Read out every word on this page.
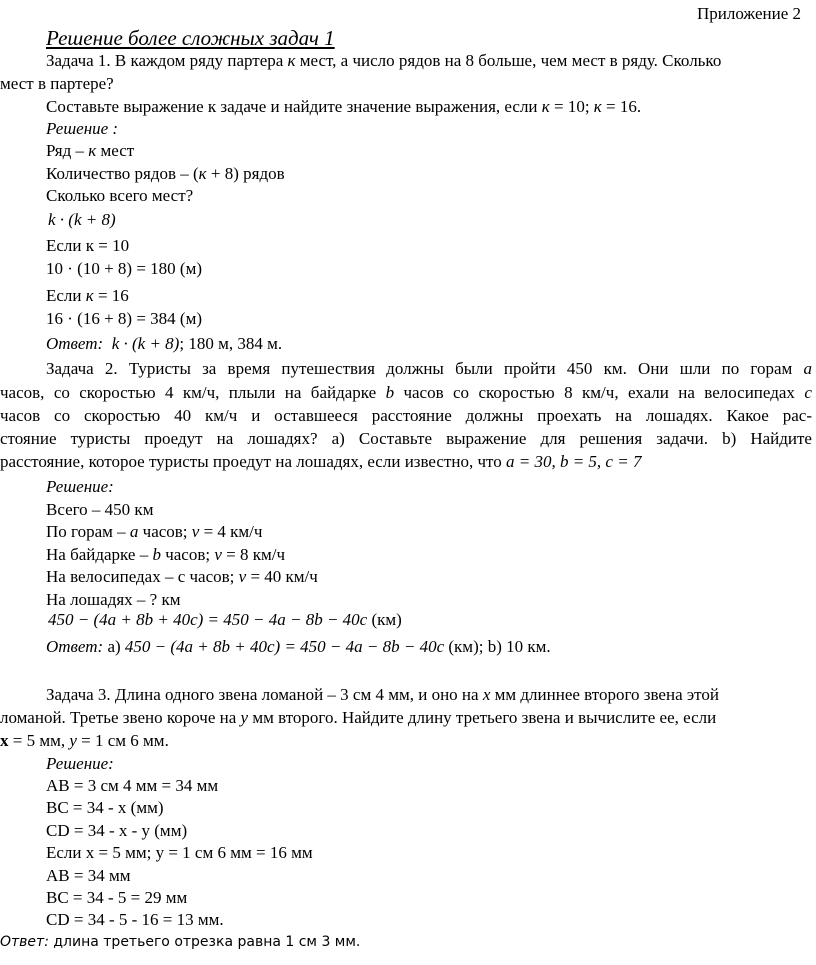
Приложение 2
Решение более сложных задач 1
Задача 1. В каждом ряду партера к мест, а число рядов на 8 больше, чем мест в ряду. Сколько
мест в партере?
Составьте выражение к задаче и найдите значение выражения, если к = 10; к = 16.
Решение :
Ряд – к мест
Количество рядов – (к + 8) рядов
Сколько всего мест?
k · (k + 8)
Если к = 10
10 · (10 + 8) = 180 (м)
Если к = 16
16 · (16 + 8) = 384 (м)
Ответ: k · (k + 8); 180 м, 384 м.
Задача 2. Туристы за время путешествия должны были пройти 450 км. Они шли по горам a
часов, со скоростью 4 км/ч, плыли на байдарке b часов со скоростью 8 км/ч, ехали на велосипедах c
часов со скоростью 40 км/ч и оставшееся расстояние должны проехать на лошадях. Какое рас-
стояние туристы проедут на лошадях? а) Составьте выражение для решения задачи. b) Найдите
расстояние, которое туристы проедут на лошадях, если известно, что a = 30, b = 5, c = 7
Решение:
Всего – 450 км
По горам – а часов; v = 4 км/ч
На байдарке – b часов; v = 8 км/ч
На велосипедах – с часов; v = 40 км/ч
На лошадях – ? км
450 − (4a + 8b + 40c) = 450 − 4a − 8b − 40c (км)
Ответ: а) 450 − (4a + 8b + 40c) = 450 − 4a − 8b − 40c (км); b) 10 км.
Задача 3. Длина одного звена ломаной – 3 см 4 мм, и оно на х мм длиннее второго звена этой
ломаной. Третье звено короче на у мм второго. Найдите длину третьего звена и вычислите ее, если
х = 5 мм, у = 1 см 6 мм.
Решение:
АВ = 3 см 4 мм = 34 мм
ВС = 34 - х (мм)
СD = 34 - х - у (мм)
Если х = 5 мм; у = 1 см 6 мм = 16 мм
АВ = 34 мм
ВС = 34 - 5 = 29 мм
СD = 34 - 5 - 16 = 13 мм.
Ответ: длина третьего отрезка равна 1 см 3 мм.
